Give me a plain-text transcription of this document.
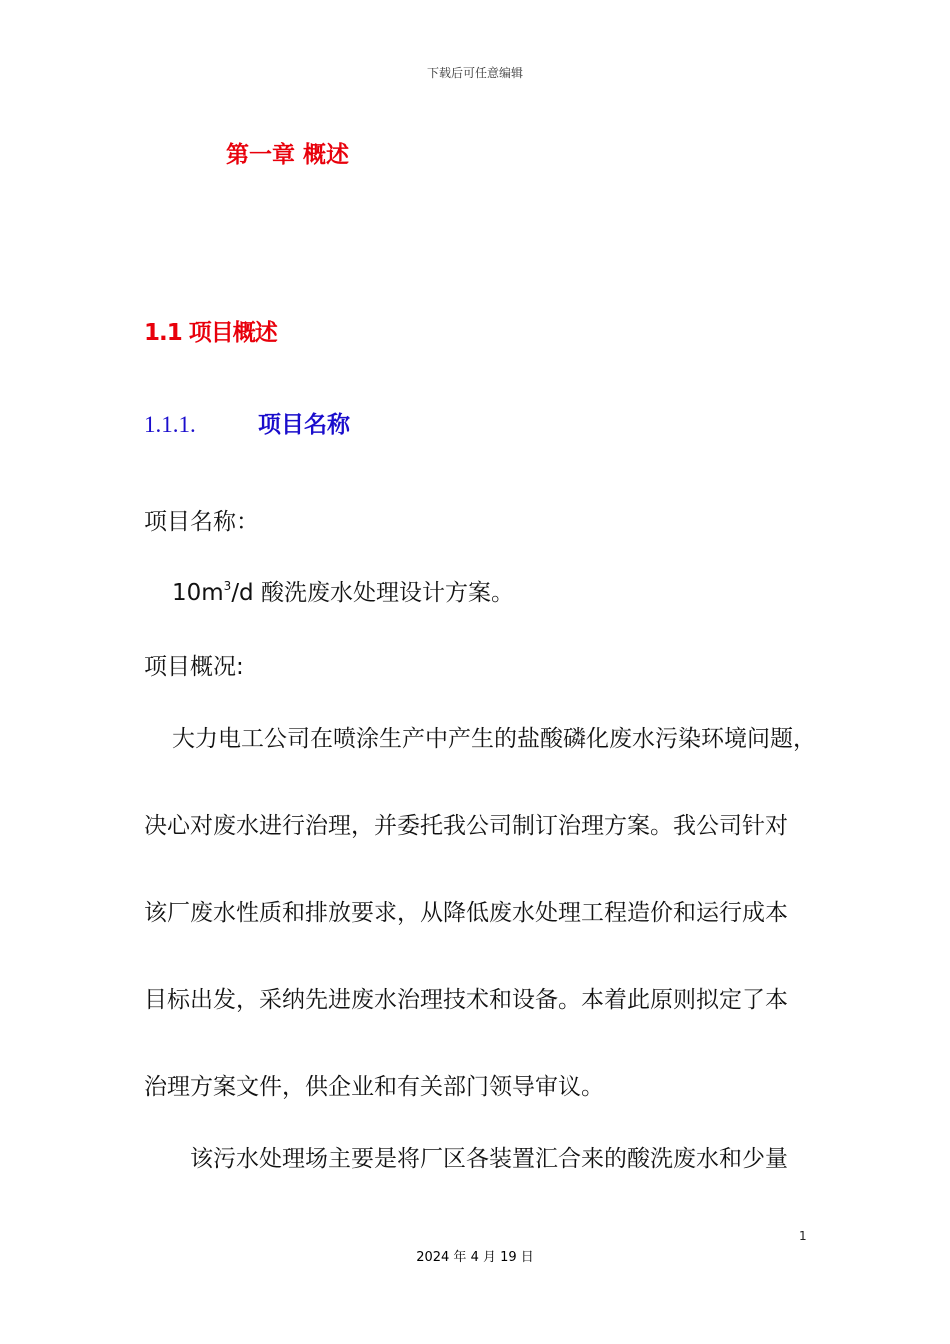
下载后可任意编辑
第一章 概述
1.1 项目概述
1.1.1.	项目名称
项目名称：
$10m^3/d$ 酸洗废水处理设计方案。
项目概况:
大力电工公司在喷涂生产中产生的盐酸磷化废水污染环境问题，
决心对废水进行治理，并委托我公司制订治理方案。我公司针对
该厂废水性质和排放要求，从降低废水处理工程造价和运行成本
目标出发，采纳先进废水治理技术和设备。本着此原则拟定了本
治理方案文件，供企业和有关部门领导审议。
该污水处理场主要是将厂区各装置汇合来的酸洗废水和少量
1
2024 年 4 月 19 日
